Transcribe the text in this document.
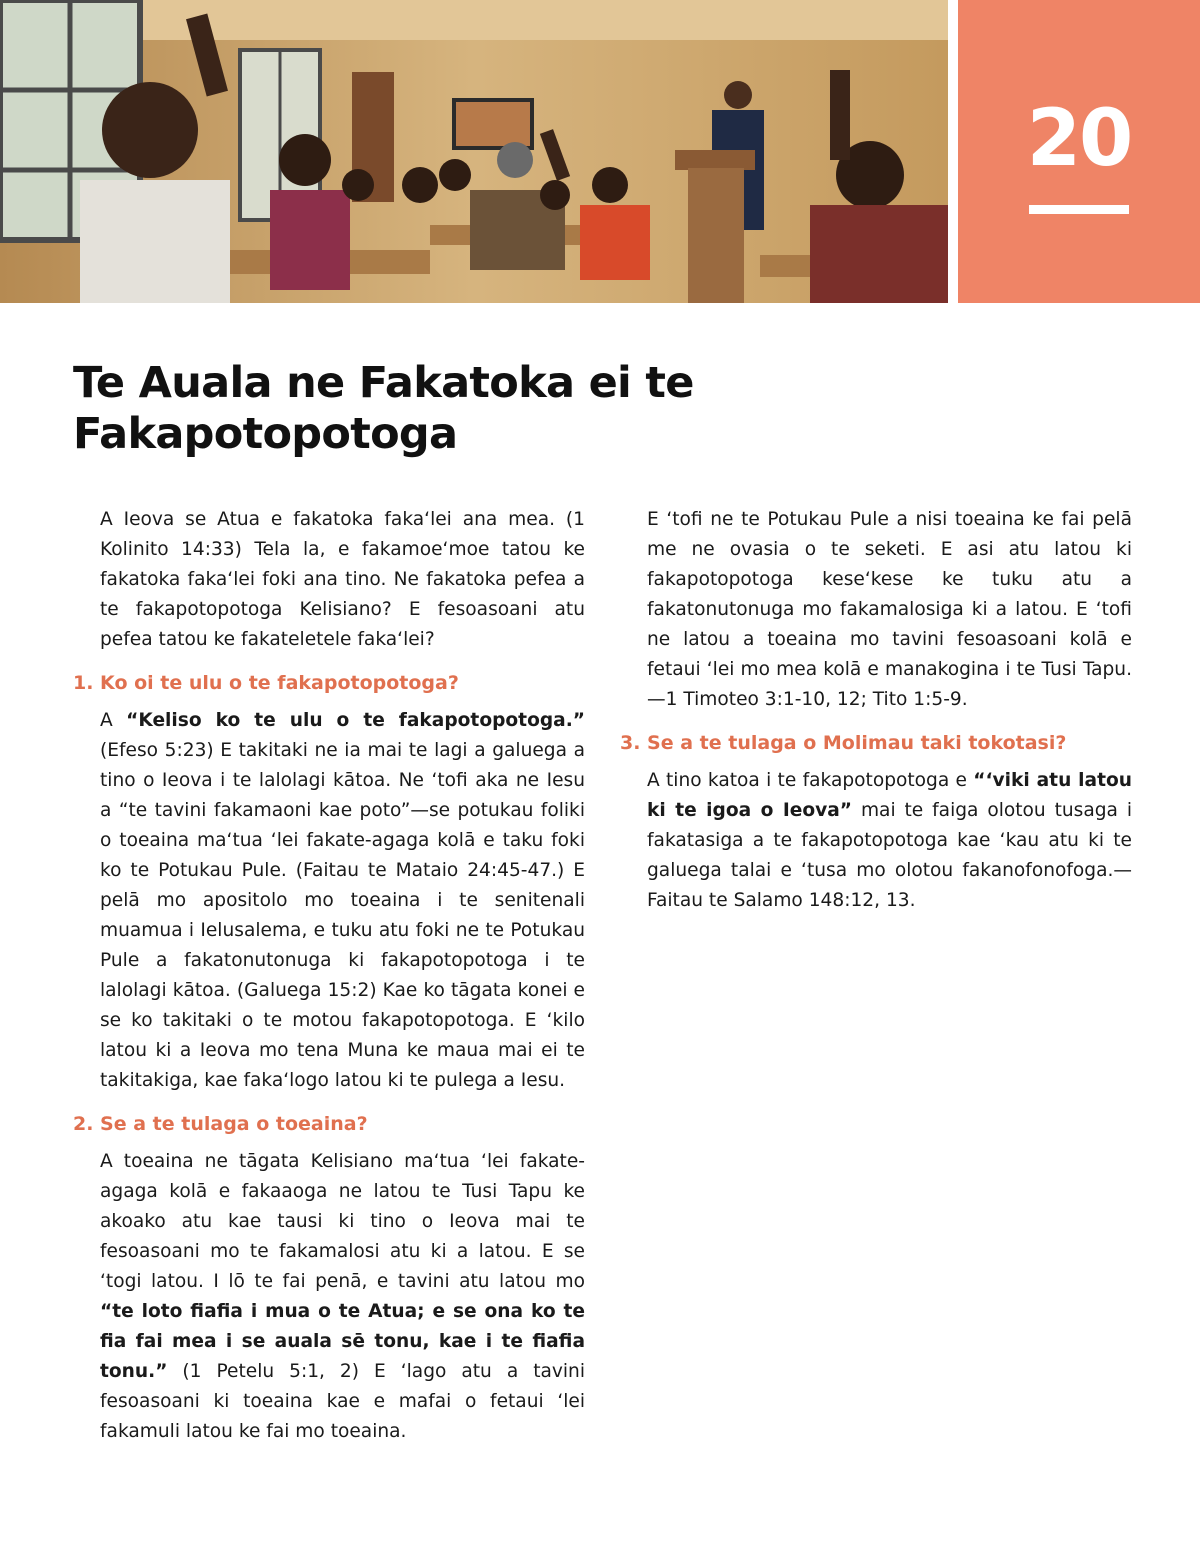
20
Te Auala ne Fakatoka ei te Fakapotopotoga

A Ieova se Atua e fakatoka faka‘lei ana mea. (1 Kolinito 14:33) Tela la, e fakamoe‘moe tatou ke fakatoka faka‘lei foki ana tino. Ne fakatoka pefea a te fakapotopotoga Kelisiano? E fesoasoani atu pefea tatou ke fakateletele faka‘lei?

1. Ko oi te ulu o te fakapotopotoga?

A “Keliso ko te ulu o te fakapotopotoga.” (Efeso 5:23) E takitaki ne ia mai te lagi a galuega a tino o Ieova i te lalolagi kātoa. Ne ‘tofi aka ne Iesu a “te tavini fakamaoni kae poto”—se potukau foliki o toeaina ma‘tua ‘lei fakate-agaga kolā e taku foki ko te Potukau Pule. (Faitau te Mataio 24:45-47.) E pelā mo apositolo mo toeaina i te senitenali muamua i Ielusalema, e tuku atu foki ne te Potukau Pule a fakatonutonuga ki fakapotopotoga i te lalolagi kātoa. (Galuega 15:2) Kae ko tāgata konei e se ko takitaki o te motou fakapotopotoga. E ‘kilo latou ki a Ieova mo tena Muna ke maua mai ei te takitakiga, kae faka‘logo latou ki te pulega a Iesu.

2. Se a te tulaga o toeaina?

A toeaina ne tāgata Kelisiano ma‘tua ‘lei fakate-agaga kolā e fakaaoga ne latou te Tusi Tapu ke akoako atu kae tausi ki tino o Ieova mai te fesoasoani mo te fakamalosi atu ki a latou. E se ‘togi latou. I lō te fai penā, e tavini atu latou mo “te loto fiafia i mua o te Atua; e se ona ko te fia fai mea i se auala sē tonu, kae i te fiafia tonu.” (1 Petelu 5:1, 2) E ‘lago atu a tavini fesoasoani ki toeaina kae e mafai o fetaui ‘lei fakamuli latou ke fai mo toeaina.

E ‘tofi ne te Potukau Pule a nisi toeaina ke fai pelā me ne ovasia o te seketi. E asi atu latou ki fakapotopotoga kese‘kese ke tuku atu a fakatonutonuga mo fakamalosiga ki a latou. E ‘tofi ne latou a toeaina mo tavini fesoasoani kolā e fetaui ‘lei mo mea kolā e manakogina i te Tusi Tapu.—1 Timoteo 3:1-10, 12; Tito 1:5-9.

3. Se a te tulaga o Molimau taki tokotasi?

A tino katoa i te fakapotopotoga e “‘viki atu latou ki te igoa o Ieova” mai te faiga olotou tusaga i fakatasiga a te fakapotopotoga kae ‘kau atu ki te galuega talai e ‘tusa mo olotou fakanofonofoga.—Faitau te Salamo 148:12, 13.
